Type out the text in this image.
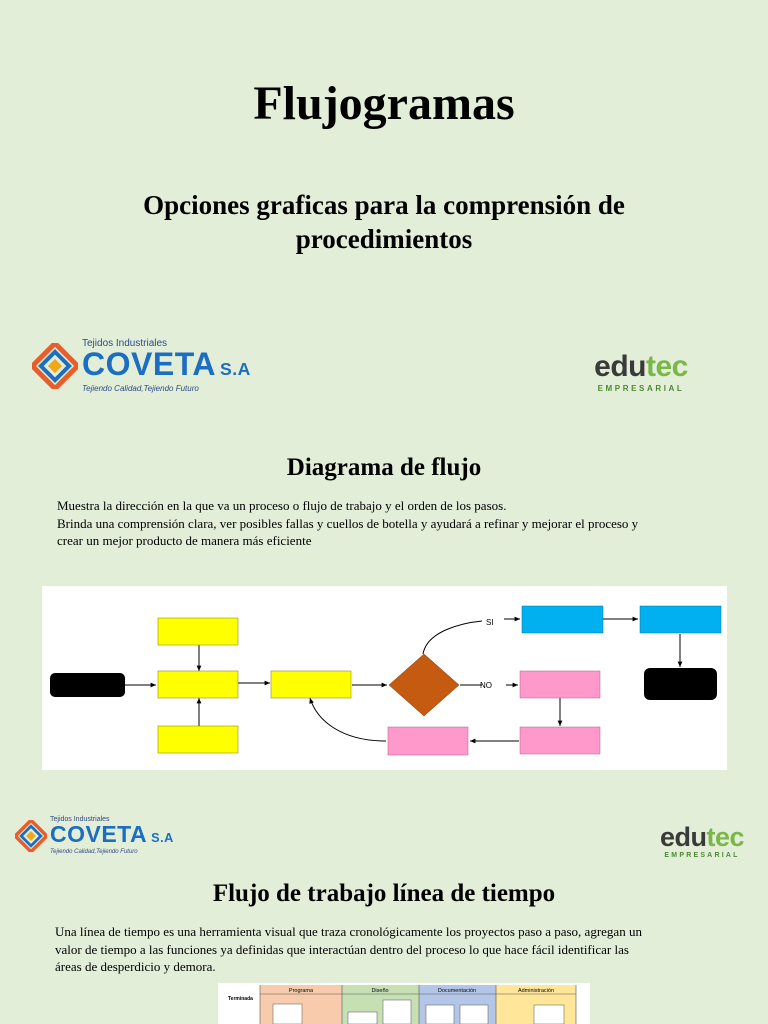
Flujogramas
Opciones graficas para la comprensión de procedimientos
Tejidos Industriales
COVETA S.A
Tejiendo Calidad,Tejiendo Futuro
edutec
EMPRESARIAL
Diagrama de flujo
Muestra la dirección en la que va un proceso o flujo de trabajo y el orden de los pasos.
Brinda una comprensión clara, ver posibles fallas y cuellos de botella y ayudará a refinar y mejorar el proceso y
crear un mejor producto de manera más eficiente
SI
NO
Tejidos Industriales
COVETA S.A
Tejiendo Calidad,Tejiendo Futuro	edutec
EMPRESARIAL
Flujo de trabajo línea de tiempo
Una línea de tiempo es una herramienta visual que traza cronológicamente los proyectos paso a paso, agregan un
valor de tiempo a las funciones ya definidas que interactúan dentro del proceso lo que hace fácil identificar las
áreas de desperdicio y demora.
Terminada
Programa	Diseño	Documentación	Administración
